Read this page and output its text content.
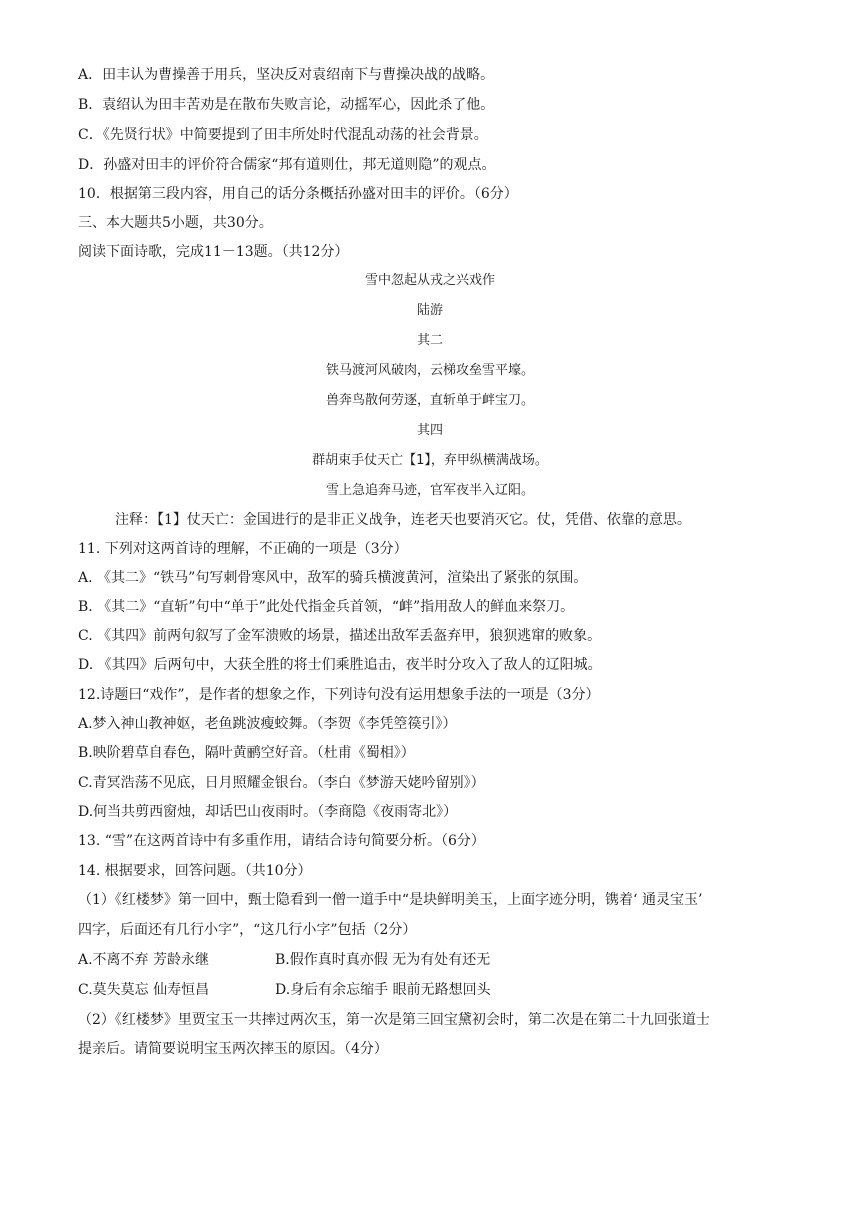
A．田丰认为曹操善于用兵，坚决反对袁绍南下与曹操决战的战略。
B．袁绍认为田丰苦劝是在散布失败言论，动摇军心，因此杀了他。
C．《先贤行状》中简要提到了田丰所处时代混乱动荡的社会背景。
D．孙盛对田丰的评价符合儒家“邦有道则仕，邦无道则隐”的观点。
10．根据第三段内容，用自己的话分条概括孙盛对田丰的评价。（6分）
三、本大题共5小题，共30分。
阅读下面诗歌，完成11－13题。（共12分）
雪中忽起从戎之兴戏作
陆游
其二
铁马渡河风破肉，云梯攻垒雪平壕。
兽奔鸟散何劳逐，直斩单于衅宝刀。
其四
群胡束手仗天亡【1】，弃甲纵横满战场。
雪上急追奔马迹，官军夜半入辽阳。
注释：【1】仗天亡：金国进行的是非正义战争，连老天也要消灭它。仗，凭借、依靠的意思。
11. 下列对这两首诗的理解，不正确的一项是（3分）
A. 《其二》“铁马”句写刺骨寒风中，敌军的骑兵横渡黄河，渲染出了紧张的氛围。
B. 《其二》“直斩”句中“单于”此处代指金兵首领，“衅”指用敌人的鲜血来祭刀。
C. 《其四》前两句叙写了金军溃败的场景，描述出敌军丢盔弃甲，狼狈逃窜的败象。
D. 《其四》后两句中，大获全胜的将士们乘胜追击，夜半时分攻入了敌人的辽阳城。
12.诗题曰“戏作”，是作者的想象之作，下列诗句没有运用想象手法的一项是（3分）
A.梦入神山教神妪，老鱼跳波瘦蛟舞。（李贺《李凭箜篌引》）
B.映阶碧草自春色，隔叶黄鹂空好音。（杜甫《蜀相》）
C.青冥浩荡不见底，日月照耀金银台。（李白《梦游天姥吟留别》）
D.何当共剪西窗烛，却话巴山夜雨时。（李商隐《夜雨寄北》）
13. “雪”在这两首诗中有多重作用，请结合诗句简要分析。（6分）
14. 根据要求，回答问题。（共10分）
（1）《红楼梦》第一回中，甄士隐看到一僧一道手中“是块鲜明美玉，上面字迹分明，镌着‘ 通灵宝玉’
四字，后面还有几行小字”，“这几行小字”包括（2分）
A.不离不弃 芳龄永继	B.假作真时真亦假 无为有处有还无
C.莫失莫忘 仙寿恒昌	D.身后有余忘缩手 眼前无路想回头
（2）《红楼梦》里贾宝玉一共摔过两次玉，第一次是第三回宝黛初会时，第二次是在第二十九回张道士
提亲后。请简要说明宝玉两次摔玉的原因。（4分）
